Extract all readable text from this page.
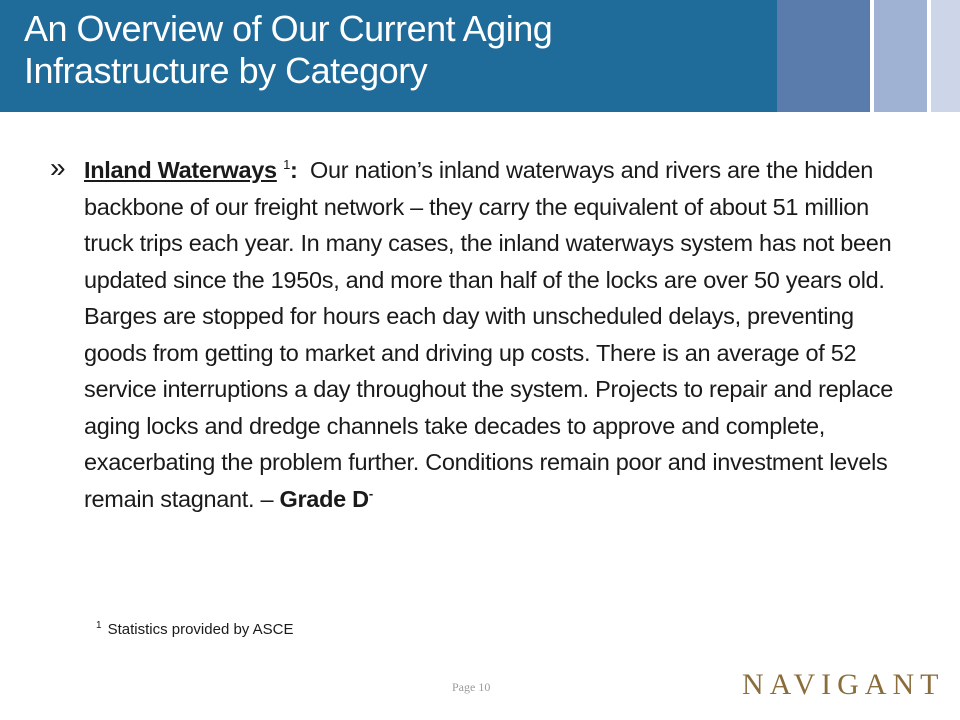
An Overview of Our Current Aging
Infrastructure by Category
» Inland Waterways $^1$: Our nation’s inland waterways and rivers are the hidden backbone of our freight network – they carry the equivalent of about 51 million truck trips each year. In many cases, the inland waterways system has not been updated since the 1950s, and more than half of the locks are over 50 years old. Barges are stopped for hours each day with unscheduled delays, preventing goods from getting to market and driving up costs. There is an average of 52 service interruptions a day throughout the system. Projects to repair and replace aging locks and dredge channels take decades to approve and complete, exacerbating the problem further. Conditions remain poor and investment levels remain stagnant. – Grade D-

$^1$ Statistics provided by ASCE
Page 10	NAVIGANT
